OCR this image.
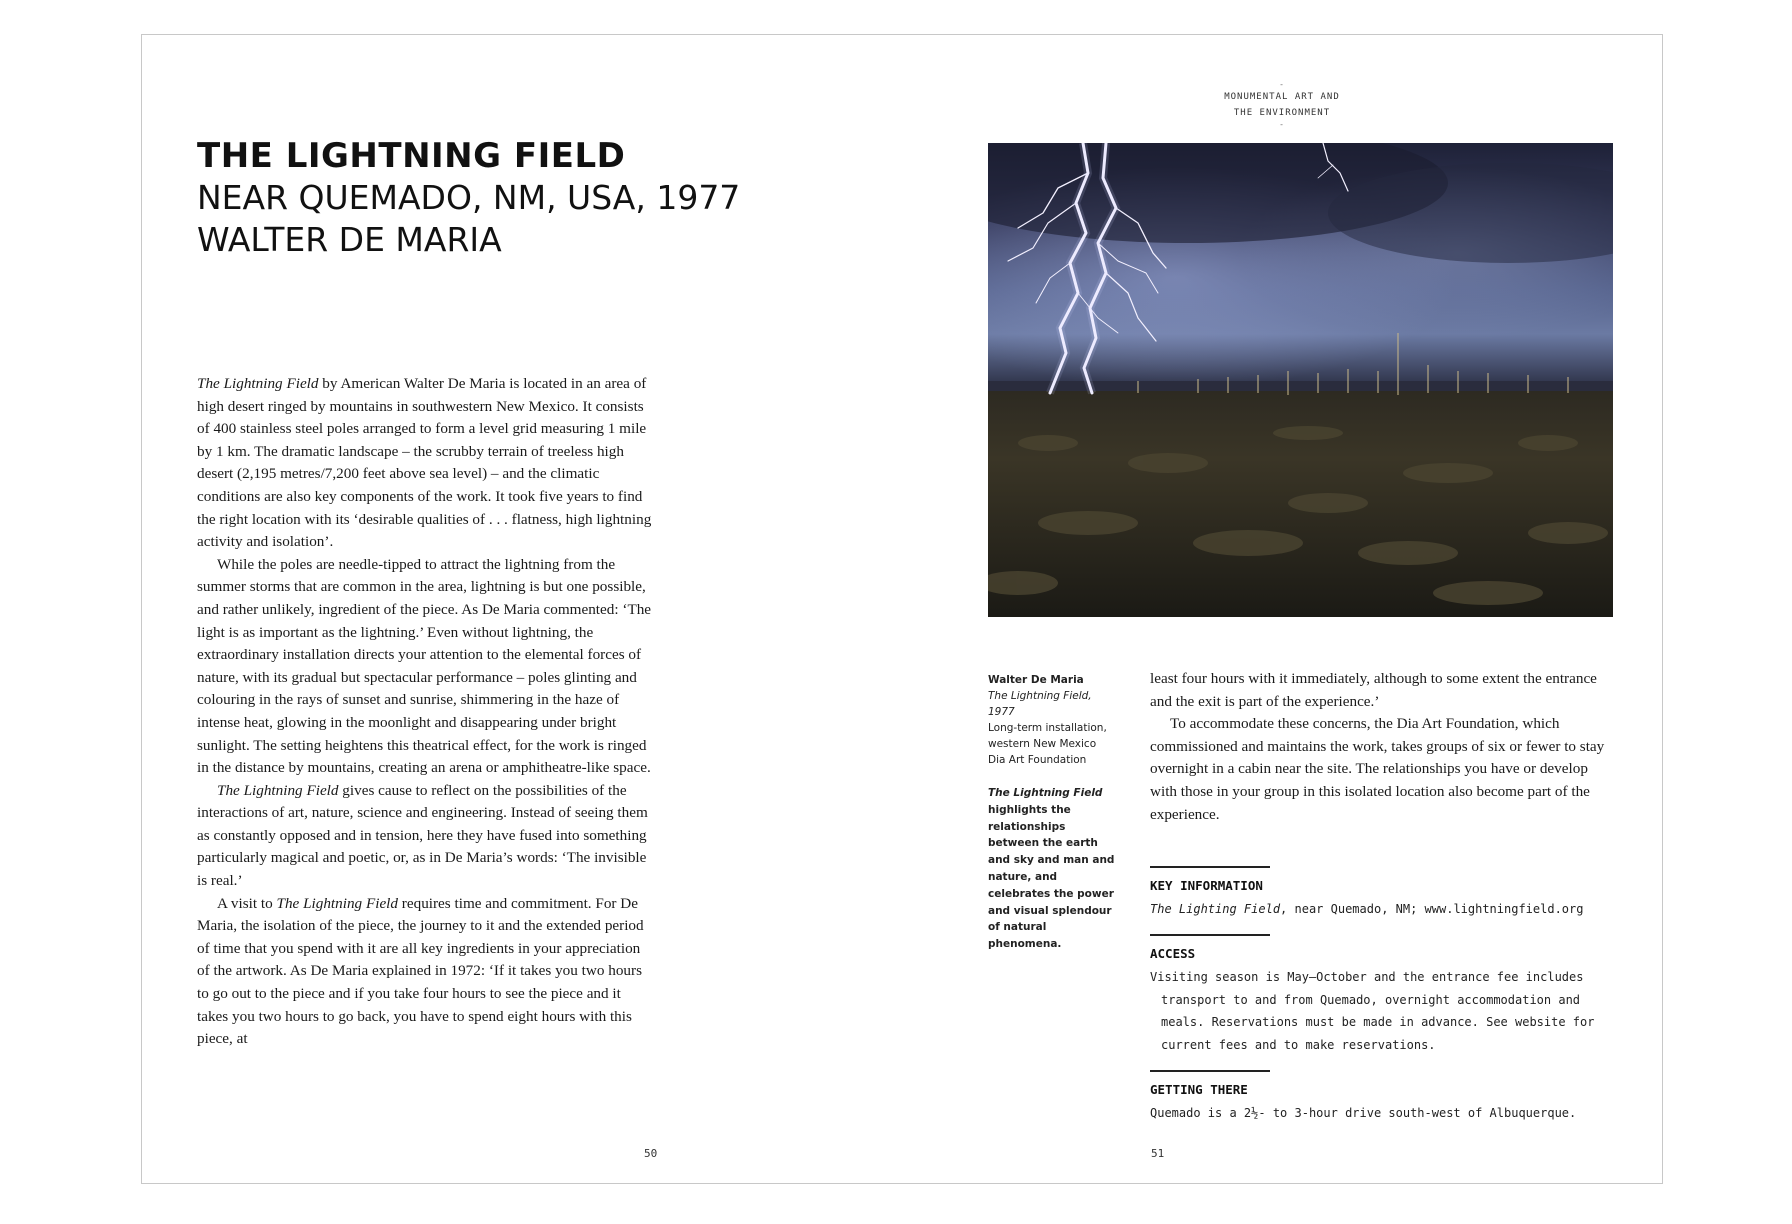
THE LIGHTNING FIELD
NEAR QUEMADO, NM, USA, 1977
WALTER DE MARIA

The Lightning Field by American Walter De Maria is located in an area of high desert ringed by mountains in southwestern New Mexico. It consists of 400 stainless steel poles arranged to form a level grid measuring 1 mile by 1 km. The dramatic landscape – the scrubby terrain of treeless high desert (2,195 metres/7,200 feet above sea level) – and the climatic conditions are also key components of the work. It took five years to find the right location with its ‘desirable qualities of . . . flatness, high lightning activity and isolation’.

While the poles are needle-tipped to attract the lightning from the summer storms that are common in the area, lightning is but one possible, and rather unlikely, ingredient of the piece. As De Maria commented: ‘The light is as important as the lightning.’ Even without lightning, the extraordinary installation directs your attention to the elemental forces of nature, with its gradual but spectacular performance – poles glinting and colouring in the rays of sunset and sunrise, shimmering in the haze of intense heat, glowing in the moonlight and disappearing under bright sunlight. The setting heightens this theatrical effect, for the work is ringed in the distance by mountains, creating an arena or amphitheatre-like space.

The Lightning Field gives cause to reflect on the possibilities of the interactions of art, nature, science and engineering. Instead of seeing them as constantly opposed and in tension, here they have fused into something particularly magical and poetic, or, as in De Maria’s words: ‘The invisible is real.’

A visit to The Lightning Field requires time and commitment. For De Maria, the isolation of the piece, the journey to it and the extended period of time that you spend with it are all key ingredients in your appreciation of the artwork. As De Maria explained in 1972: ‘If it takes you two hours to go out to the piece and if you take four hours to see the piece and it takes you two hours to go back, you have to spend eight hours with this piece, at

50
-
MONUMENTAL ART AND
THE ENVIRONMENT
-
51
Walter De Maria
The Lightning Field, 1977
Long-term installation,
western New Mexico
Dia Art Foundation
The Lightning Field highlights the relationships between the earth and sky and man and nature, and celebrates the power and visual splendour of natural phenomena.

least four hours with it immediately, although to some extent the entrance and the exit is part of the experience.’

To accommodate these concerns, the Dia Art Foundation, which commissioned and maintains the work, takes groups of six or fewer to stay overnight in a cabin near the site. The relationships you have or develop with those in your group in this isolated location also become part of the experience.

KEY INFORMATION
The Lighting Field, near Quemado, NM; www.lightningfield.org
ACCESS
Visiting season is May–October and the entrance fee includes
transport to and from Quemado, overnight accommodation and
meals. Reservations must be made in advance. See website for
current fees and to make reservations.
GETTING THERE
Quemado is a 2½- to 3-hour drive south-west of Albuquerque.
